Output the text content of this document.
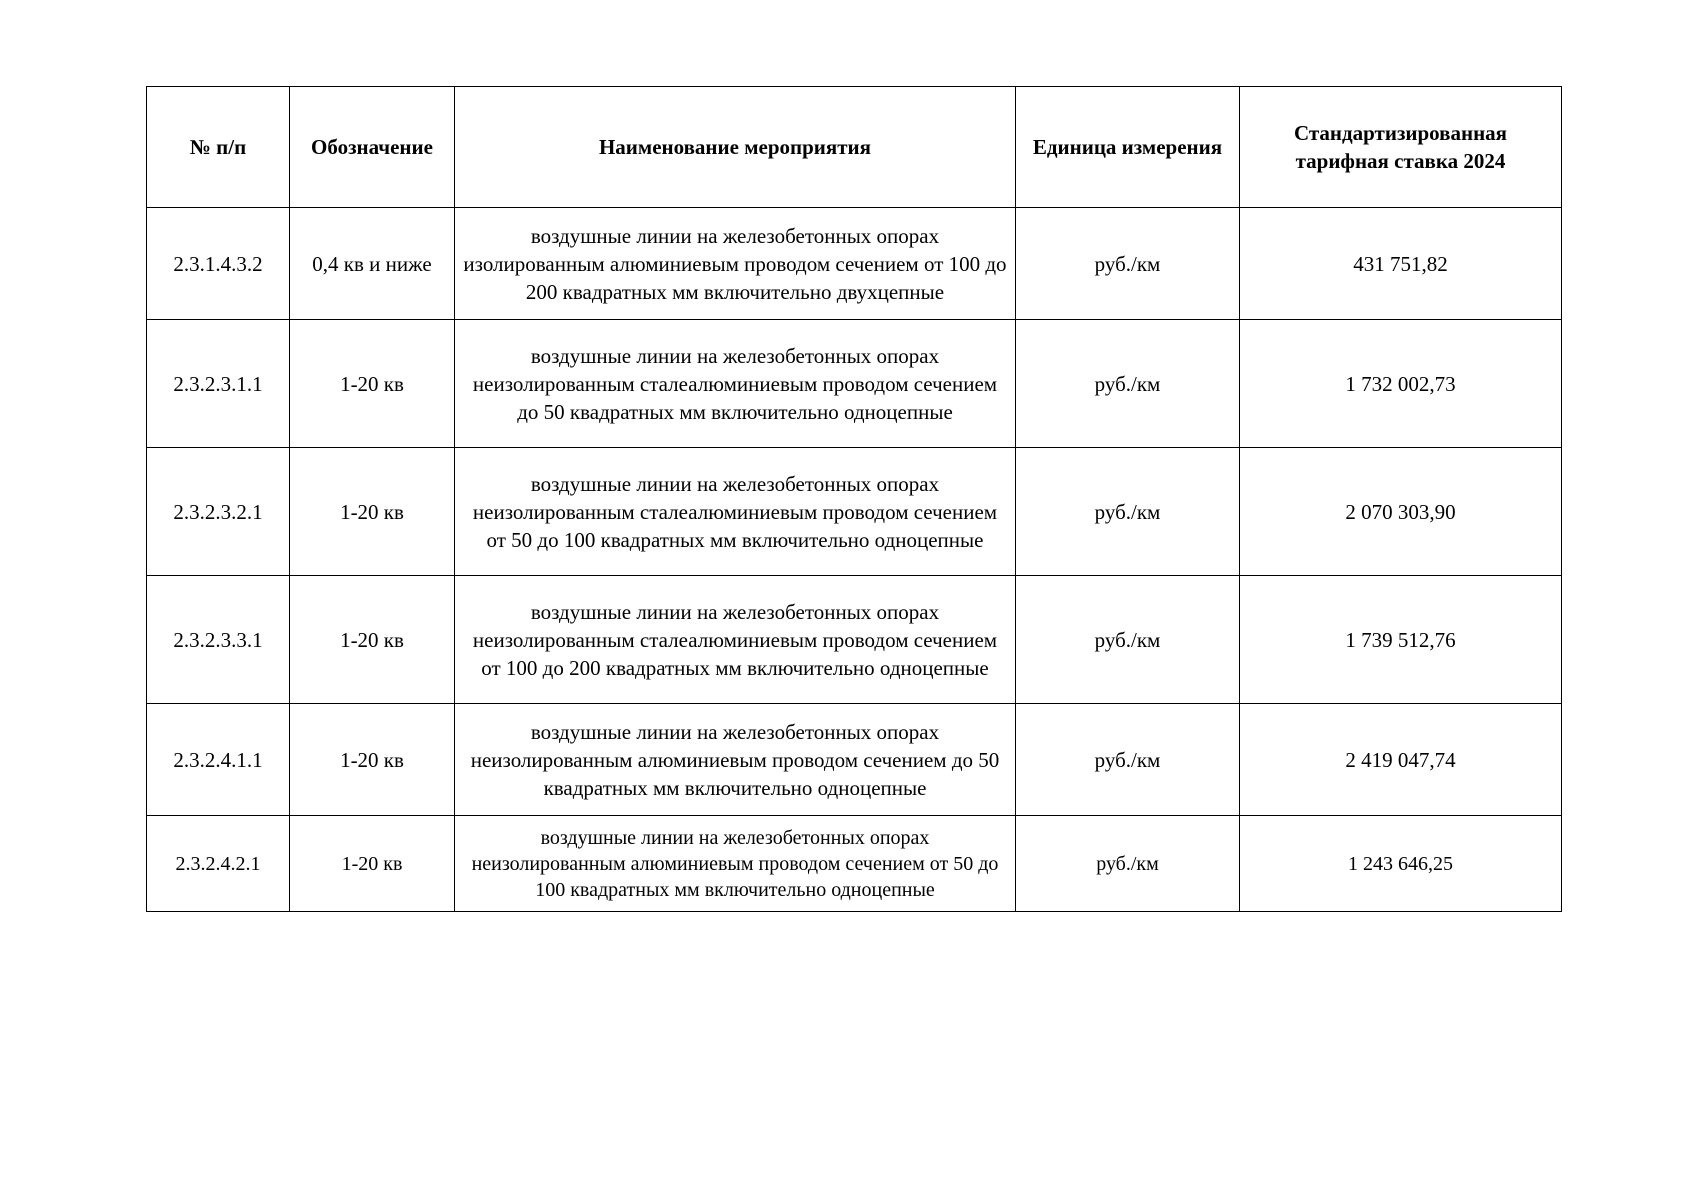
№ п/п	Обозначение	Наименование мероприятия	Единица измерения	Стандартизированная тарифная ставка 2024
2.3.1.4.3.2	0,4 кв и ниже	воздушные линии на железобетонных опорах изолированным алюминиевым проводом сечением от 100 до 200 квадратных мм включительно двухцепные	руб./км	431 751,82
2.3.2.3.1.1	1-20 кв	воздушные линии на железобетонных опорах неизолированным сталеалюминиевым проводом сечением до 50 квадратных мм включительно одноцепные	руб./км	1 732 002,73
2.3.2.3.2.1	1-20 кв	воздушные линии на железобетонных опорах неизолированным сталеалюминиевым проводом сечением от 50 до 100 квадратных мм включительно одноцепные	руб./км	2 070 303,90
2.3.2.3.3.1	1-20 кв	воздушные линии на железобетонных опорах неизолированным сталеалюминиевым проводом сечением от 100 до 200 квадратных мм включительно одноцепные	руб./км	1 739 512,76
2.3.2.4.1.1	1-20 кв	воздушные линии на железобетонных опорах неизолированным алюминиевым проводом сечением до 50 квадратных мм включительно одноцепные	руб./км	2 419 047,74
2.3.2.4.2.1	1-20 кв	воздушные линии на железобетонных опорах неизолированным алюминиевым проводом сечением от 50 до 100 квадратных мм включительно одноцепные	руб./км	1 243 646,25
